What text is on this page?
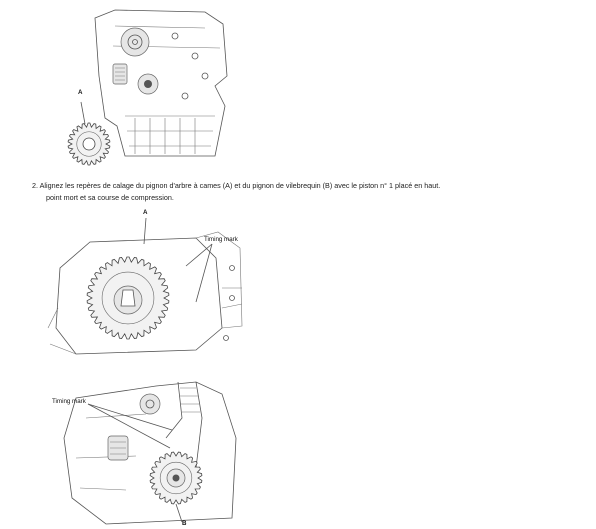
A
2. Alignez les repères de calage du pignon d'arbre à cames (A) et du pignon de vilebrequin (B) avec le piston n° 1 placé en haut.
point mort et sa course de compression.
A
Timing mark
Timing mark
B
